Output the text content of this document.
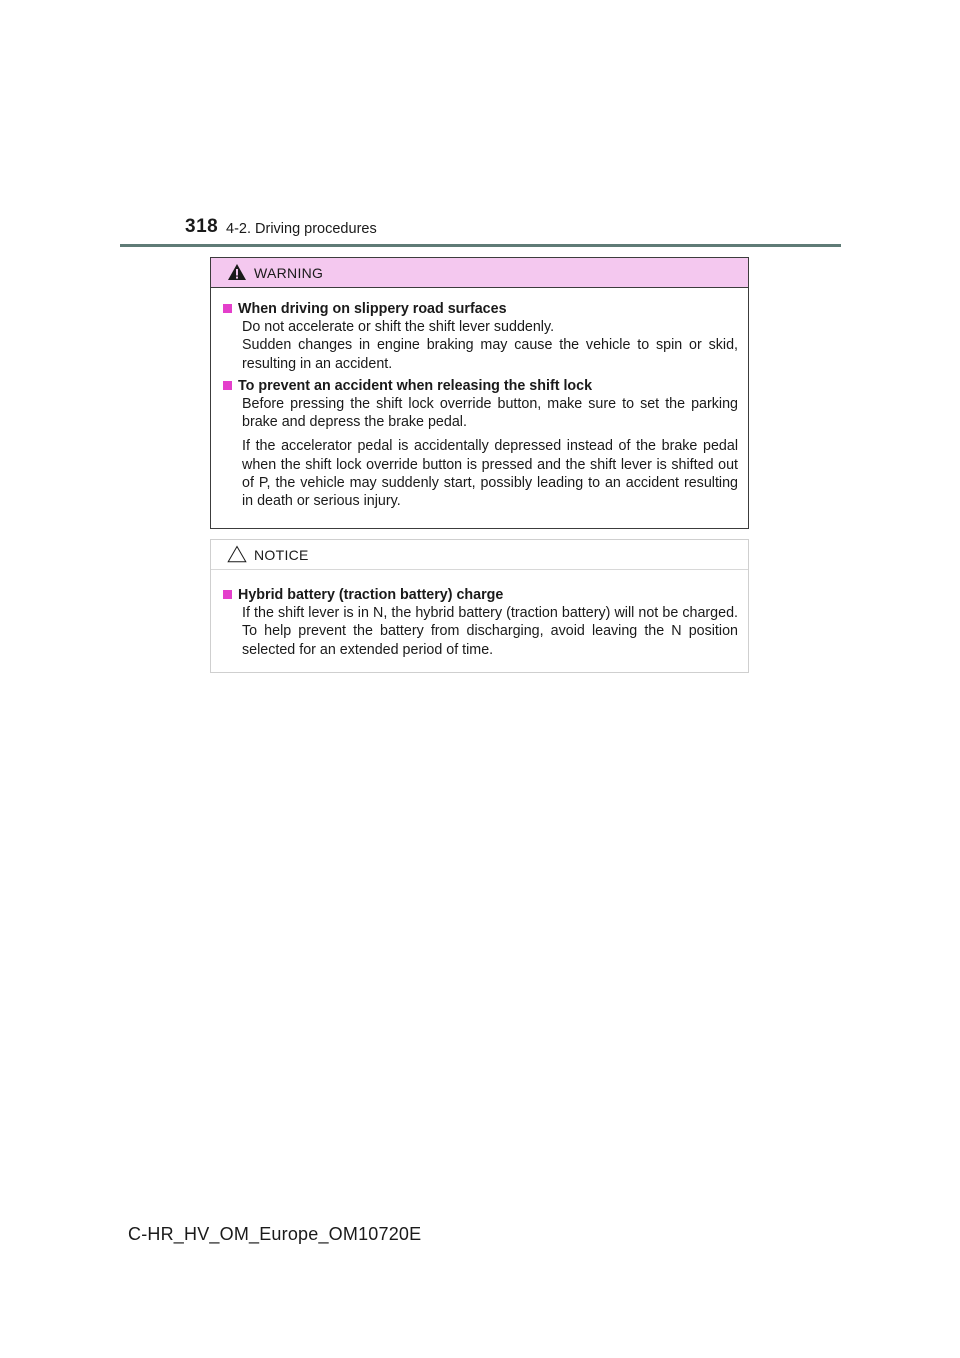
318 4-2. Driving procedures
WARNING
When driving on slippery road surfaces

Do not accelerate or shift the shift lever suddenly.

Sudden changes in engine braking may cause the vehicle to spin or skid, resulting in an accident.

To prevent an accident when releasing the shift lock

Before pressing the shift lock override button, make sure to set the parking brake and depress the brake pedal.

If the accelerator pedal is accidentally depressed instead of the brake pedal when the shift lock override button is pressed and the shift lever is shifted out of P, the vehicle may suddenly start, possibly leading to an accident resulting in death or serious injury.

NOTICE
Hybrid battery (traction battery) charge

If the shift lever is in N, the hybrid battery (traction battery) will not be charged. To help prevent the battery from discharging, avoid leaving the N position selected for an extended period of time.

C-HR_HV_OM_Europe_OM10720E
